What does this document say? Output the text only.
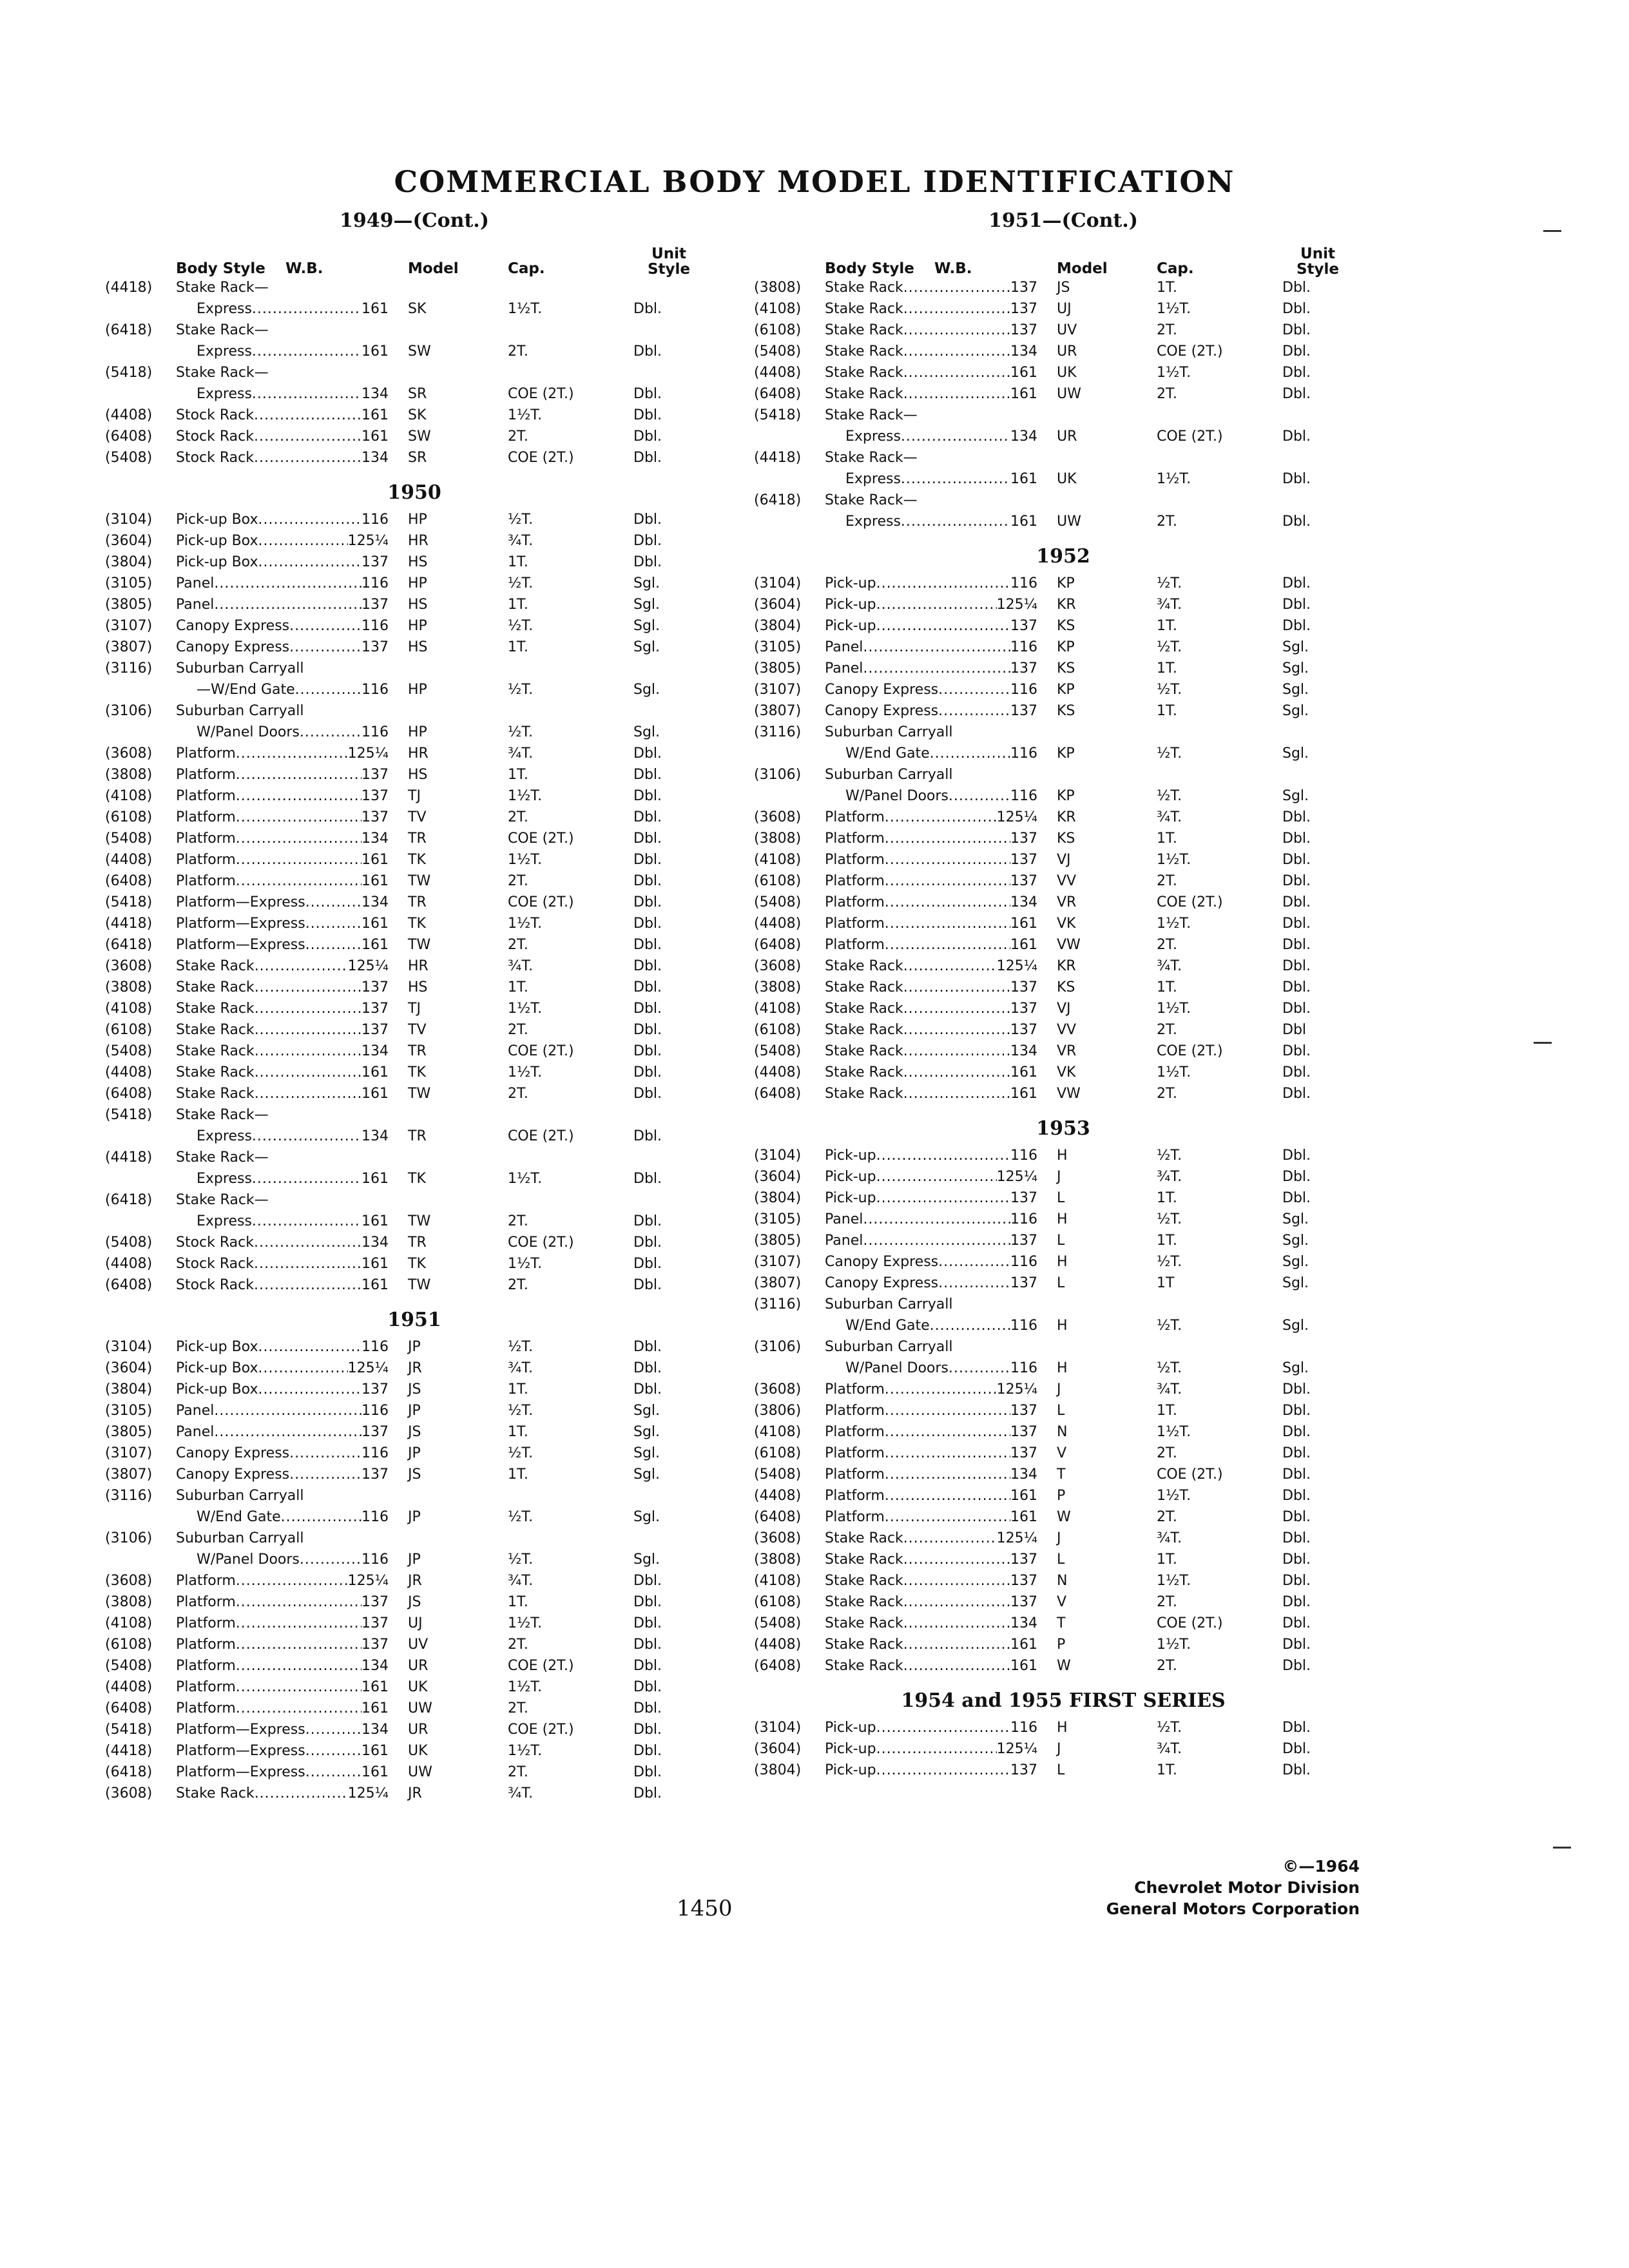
COMMERCIAL BODY MODEL IDENTIFICATION
1949—(Cont.)
Body Style	W.B.	Model	Cap.
Unit Style
(4418)	Stake Rack—
Express .....	161	SK	1½T.	Dbl.
(6418)	Stake Rack—
Express .....	161	SW	2T.	Dbl.
(5418)	Stake Rack—
Express .....	134	SR	COE (2T.)	Dbl.
(4408)	Stock Rack .....	161	SK	1½T.	Dbl.
(6408)	Stock Rack .....	161	SW	2T.	Dbl.
(5408)	Stock Rack .....	134	SR	COE (2T.)	Dbl.
1950
(3104)	Pick-up Box .....	116	HP	½T.	Dbl.
(3604)	Pick-up Box .....	125¼	HR	¾T.	Dbl.
(3804)	Pick-up Box .....	137	HS	1T.	Dbl.
(3105)	Panel .....	116	HP	½T.	Sgl.
(3805)	Panel .....	137	HS	1T.	Sgl.
(3107)	Canopy Express .....	116	HP	½T.	Sgl.
(3807)	Canopy Express .....	137	HS	1T.	Sgl.
(3116)	Suburban Carryall
—W/End Gate .....	116	HP	½T.	Sgl.
(3106)	Suburban Carryall
W/Panel Doors .....	116	HP	½T.	Sgl.
(3608)	Platform .....	125¼	HR	¾T.	Dbl.
(3808)	Platform .....	137	HS	1T.	Dbl.
(4108)	Platform .....	137	TJ	1½T.	Dbl.
(6108)	Platform .....	137	TV	2T.	Dbl.
(5408)	Platform .....	134	TR	COE (2T.)	Dbl.
(4408)	Platform .....	161	TK	1½T.	Dbl.
(6408)	Platform .....	161	TW	2T.	Dbl.
(5418)	Platform—Express .....	134	TR	COE (2T.)	Dbl.
(4418)	Platform—Express .....	161	TK	1½T.	Dbl.
(6418)	Platform—Express .....	161	TW	2T.	Dbl.
(3608)	Stake Rack .....	125¼	HR	¾T.	Dbl.
(3808)	Stake Rack .....	137	HS	1T.	Dbl.
(4108)	Stake Rack .....	137	TJ	1½T.	Dbl.
(6108)	Stake Rack .....	137	TV	2T.	Dbl.
(5408)	Stake Rack .....	134	TR	COE (2T.)	Dbl.
(4408)	Stake Rack .....	161	TK	1½T.	Dbl.
(6408)	Stake Rack .....	161	TW	2T.	Dbl.
(5418)	Stake Rack—
Express .....	134	TR	COE (2T.)	Dbl.
(4418)	Stake Rack—
Express .....	161	TK	1½T.	Dbl.
(6418)	Stake Rack—
Express .....	161	TW	2T.	Dbl.
(5408)	Stock Rack .....	134	TR	COE (2T.)	Dbl.
(4408)	Stock Rack .....	161	TK	1½T.	Dbl.
(6408)	Stock Rack .....	161	TW	2T.	Dbl.
1951
(3104)	Pick-up Box .....	116	JP	½T.	Dbl.
(3604)	Pick-up Box .....	125¼	JR	¾T.	Dbl.
(3804)	Pick-up Box .....	137	JS	1T.	Dbl.
(3105)	Panel .....	116	JP	½T.	Sgl.
(3805)	Panel .....	137	JS	1T.	Sgl.
(3107)	Canopy Express .....	116	JP	½T.	Sgl.
(3807)	Canopy Express .....	137	JS	1T.	Sgl.
(3116)	Suburban Carryall
W/End Gate .....	116	JP	½T.	Sgl.
(3106)	Suburban Carryall
W/Panel Doors .....	116	JP	½T.	Sgl.
(3608)	Platform .....	125¼	JR	¾T.	Dbl.
(3808)	Platform .....	137	JS	1T.	Dbl.
(4108)	Platform .....	137	UJ	1½T.	Dbl.
(6108)	Platform .....	137	UV	2T.	Dbl.
(5408)	Platform .....	134	UR	COE (2T.)	Dbl.
(4408)	Platform .....	161	UK	1½T.	Dbl.
(6408)	Platform .....	161	UW	2T.	Dbl.
(5418)	Platform—Express .....	134	UR	COE (2T.)	Dbl.
(4418)	Platform—Express .....	161	UK	1½T.	Dbl.
(6418)	Platform—Express .....	161	UW	2T.	Dbl.
(3608)	Stake Rack .....	125¼	JR	¾T.	Dbl.
1951—(Cont.)
Body Style	W.B.	Model	Cap.
Unit Style
(3808)	Stake Rack .....	137	JS	1T.	Dbl.
(4108)	Stake Rack .....	137	UJ	1½T.	Dbl.
(6108)	Stake Rack .....	137	UV	2T.	Dbl.
(5408)	Stake Rack .....	134	UR	COE (2T.)	Dbl.
(4408)	Stake Rack .....	161	UK	1½T.	Dbl.
(6408)	Stake Rack .....	161	UW	2T.	Dbl.
(5418)	Stake Rack—
Express .....	134	UR	COE (2T.)	Dbl.
(4418)	Stake Rack—
Express .....	161	UK	1½T.	Dbl.
(6418)	Stake Rack—
Express .....	161	UW	2T.	Dbl.
1952
(3104)	Pick-up .....	116	KP	½T.	Dbl.
(3604)	Pick-up .....	125¼	KR	¾T.	Dbl.
(3804)	Pick-up .....	137	KS	1T.	Dbl.
(3105)	Panel .....	116	KP	½T.	Sgl.
(3805)	Panel .....	137	KS	1T.	Sgl.
(3107)	Canopy Express .....	116	KP	½T.	Sgl.
(3807)	Canopy Express .....	137	KS	1T.	Sgl.
(3116)	Suburban Carryall
W/End Gate .....	116	KP	½T.	Sgl.
(3106)	Suburban Carryall
W/Panel Doors .....	116	KP	½T.	Sgl.
(3608)	Platform .....	125¼	KR	¾T.	Dbl.
(3808)	Platform .....	137	KS	1T.	Dbl.
(4108)	Platform .....	137	VJ	1½T.	Dbl.
(6108)	Platform .....	137	VV	2T.	Dbl.
(5408)	Platform .....	134	VR	COE (2T.)	Dbl.
(4408)	Platform .....	161	VK	1½T.	Dbl.
(6408)	Platform .....	161	VW	2T.	Dbl.
(3608)	Stake Rack .....	125¼	KR	¾T.	Dbl.
(3808)	Stake Rack .....	137	KS	1T.	Dbl.
(4108)	Stake Rack .....	137	VJ	1½T.	Dbl.
(6108)	Stake Rack .....	137	VV	2T.	Dbl
(5408)	Stake Rack .....	134	VR	COE (2T.)	Dbl.
(4408)	Stake Rack .....	161	VK	1½T.	Dbl.
(6408)	Stake Rack .....	161	VW	2T.	Dbl.
1953
(3104)	Pick-up .....	116	H	½T.	Dbl.
(3604)	Pick-up .....	125¼	J	¾T.	Dbl.
(3804)	Pick-up .....	137	L	1T.	Dbl.
(3105)	Panel .....	116	H	½T.	Sgl.
(3805)	Panel .....	137	L	1T.	Sgl.
(3107)	Canopy Express .....	116	H	½T.	Sgl.
(3807)	Canopy Express .....	137	L	1T	Sgl.
(3116)	Suburban Carryall
W/End Gate .....	116	H	½T.	Sgl.
(3106)	Suburban Carryall
W/Panel Doors .....	116	H	½T.	Sgl.
(3608)	Platform .....	125¼	J	¾T.	Dbl.
(3806)	Platform .....	137	L	1T.	Dbl.
(4108)	Platform .....	137	N	1½T.	Dbl.
(6108)	Platform .....	137	V	2T.	Dbl.
(5408)	Platform .....	134	T	COE (2T.)	Dbl.
(4408)	Platform .....	161	P	1½T.	Dbl.
(6408)	Platform .....	161	W	2T.	Dbl.
(3608)	Stake Rack .....	125¼	J	¾T.	Dbl.
(3808)	Stake Rack .....	137	L	1T.	Dbl.
(4108)	Stake Rack .....	137	N	1½T.	Dbl.
(6108)	Stake Rack .....	137	V	2T.	Dbl.
(5408)	Stake Rack .....	134	T	COE (2T.)	Dbl.
(4408)	Stake Rack .....	161	P	1½T.	Dbl.
(6408)	Stake Rack .....	161	W	2T.	Dbl.
1954 and 1955 FIRST SERIES
(3104)	Pick-up .....	116	H	½T.	Dbl.
(3604)	Pick-up .....	125¼	J	¾T.	Dbl.
(3804)	Pick-up .....	137	L	1T.	Dbl.
1450
©—1964
Chevrolet Motor Division
General Motors Corporation
